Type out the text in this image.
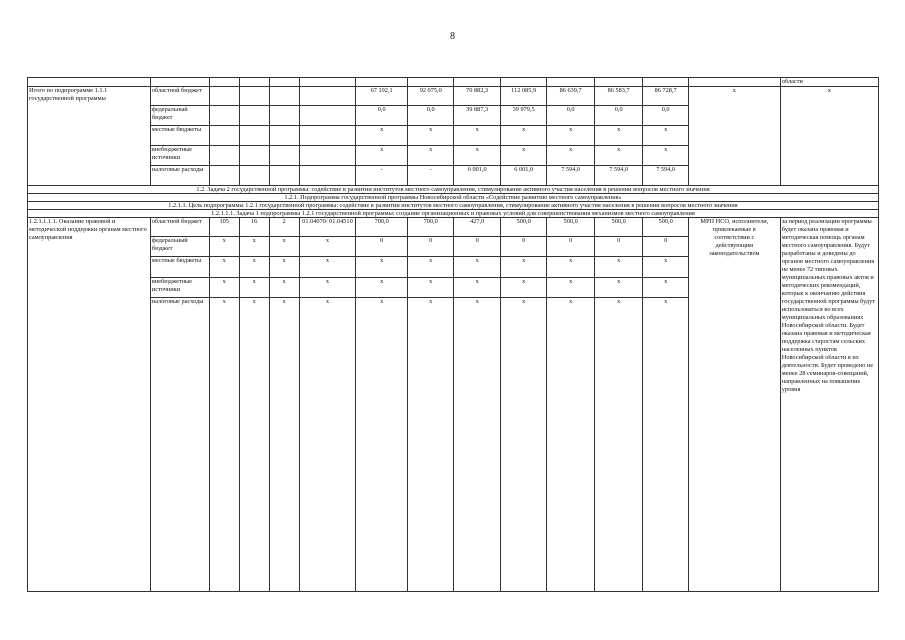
8
														области
Итого по подпрограмме 1.1.1 государственной программы	областной бюджет					67 192,1	92 075,0	70 882,3	112 085,9	86 639,7	86 583,7	86 728,7	х	х
	федеральный бюджет					0,0	0,0	39 887,3	39 979,5	0,0	0,0	0,0		
	местные бюджеты					х	х	х	х	х	х	х		
	внебюджетные источники					х	х	х	х	х	х	х		
	налоговые расходы					-	-	6 001,0	6 001,0	7 594,0	7 594,0	7 594,0		
1.2. Задача 2 государственной программы: содействие в развитии институтов местного самоуправления, стимулирование активного участия населения в решении вопросов местного значения														
1.2.1. Подпрограмма государственной программы Новосибирской области «Содействие развитию местного самоуправления»														
1.2.1.1. Цель подпрограммы 1.2.1 государственной программы: содействие в развитии институтов местного самоуправления, стимулирование активного участия населения в решении вопросов местного значения														
1.2.1.1.1. Задача 1 подпрограммы 1.2.1 государственной программы: создание организационных и правовых условий для совершенствования механизмов местного самоуправления														
1.2.1.1.1.1. Оказание правовой и методической поддержки органам местного самоуправления	областной бюджет	105	16	2	01.04070/ 01.04510	700,0	700,0	427,0	500,0	500,0	500,0	500,0	МРП НСО, исполнители, привлекаемые в соответствии с действующим законодательством	за период реализации программы будет оказана правовая и методическая помощь органам местного самоуправления. Будут разработаны и доведены до органов местного самоуправления не менее 72 типовых муниципальных правовых актов и методических рекомендаций, которые к окончанию действия государственной программы будут использоваться во всех муниципальных образованиях Новосибирской области. Будет оказана правовая и методическая поддержка старостам сельских населенных пунктов Новосибирской области в их деятельности. Будет проведено не менее 28 семинаров-совещаний, направленных на повышение уровня
	федеральный бюджет	х	х	х	х	0	0	0	0	0	0	0		
	местные бюджеты	х	х	х	х	х	х	х	х	х	х	х		
	внебюджетные источники	х	х	х	х	х	х	х	х	х	х	х		
	налоговые расходы	х	х	х	х	х	х	х	х	х	х	х		
